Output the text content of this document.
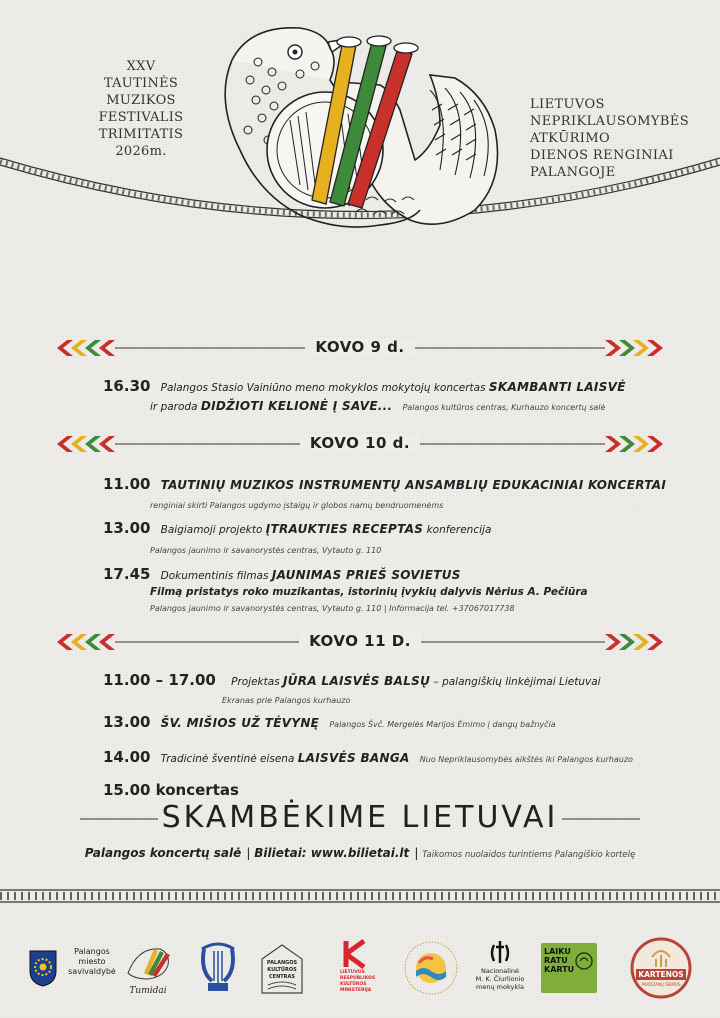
XXV
TAUTINĖS
MUZIKOS
FESTIVALIS
TRIMITATIS
2026m.
LIETUVOS
NEPRIKLAUSOMYBĖS
ATKŪRIMO
DIENOS RENGINIAI
PALANGOJE
KOVO 9 d.
16.30 Palangos Stasio Vainiūno meno mokyklos mokytojų koncertas SKAMBANTI LAISVĖ
ir paroda DIDŽIOTI KELIONĖ Į SAVE... Palangos kultūros centras, Kurhauzo koncertų salė
KOVO 10 d.
11.00 TAUTINIŲ MUZIKOS INSTRUMENTŲ ANSAMBLIŲ EDUKACINIAI KONCERTAI
renginiai skirti Palangos ugdymo įstaigų ir globos namų bendruomenėms
13.00 Baigiamoji projekto ĮTRAUKTIES RECEPTAS konferencija
Palangos jaunimo ir savanorystės centras, Vytauto g. 110
17.45 Dokumentinis filmas JAUNIMAS PRIEŠ SOVIETUS
Filmą pristatys roko muzikantas, istorinių įvykių dalyvis Nėrius A. Pečiūra
Palangos jaunimo ir savanorystės centras, Vytauto g. 110 | Informacija tel. +37067017738
KOVO 11 D.
11.00 – 17.00 Projektas JŪRA LAISVĖS BALSŲ – palangiškių linkėjimai Lietuvai
Ekranas prie Palangos kurhauzo
13.00 ŠV. MIŠIOS UŽ TĖVYNĘ Palangos Švč. Mergelės Marijos Ėmimo į dangų bažnyčia
14.00 Tradicinė šventinė eisena LAISVĖS BANGA Nuo Nepriklausomybės aikštės iki Palangos kurhauzo
15.00 koncertas
SKAMBĖKIME LIETUVAI
Palangos koncertų salė | Bilietai: www.bilietai.lt | Taikomos nuolaidos turintiems Palangiškio kortelę
Palangos
miesto
savivaldybė
Tumidai
PALANGOS
KULTŪROS
CENTRAS
LIETUVOS
RESPUBLIKOS
KULTŪROS
MINISTERIJA
Nacionalinė
M. K. Čiurlionio
menų mokykla
LAIKU
RATU
KARTU
KARTENOS
PARTIZANŲ ŠEIMOS
